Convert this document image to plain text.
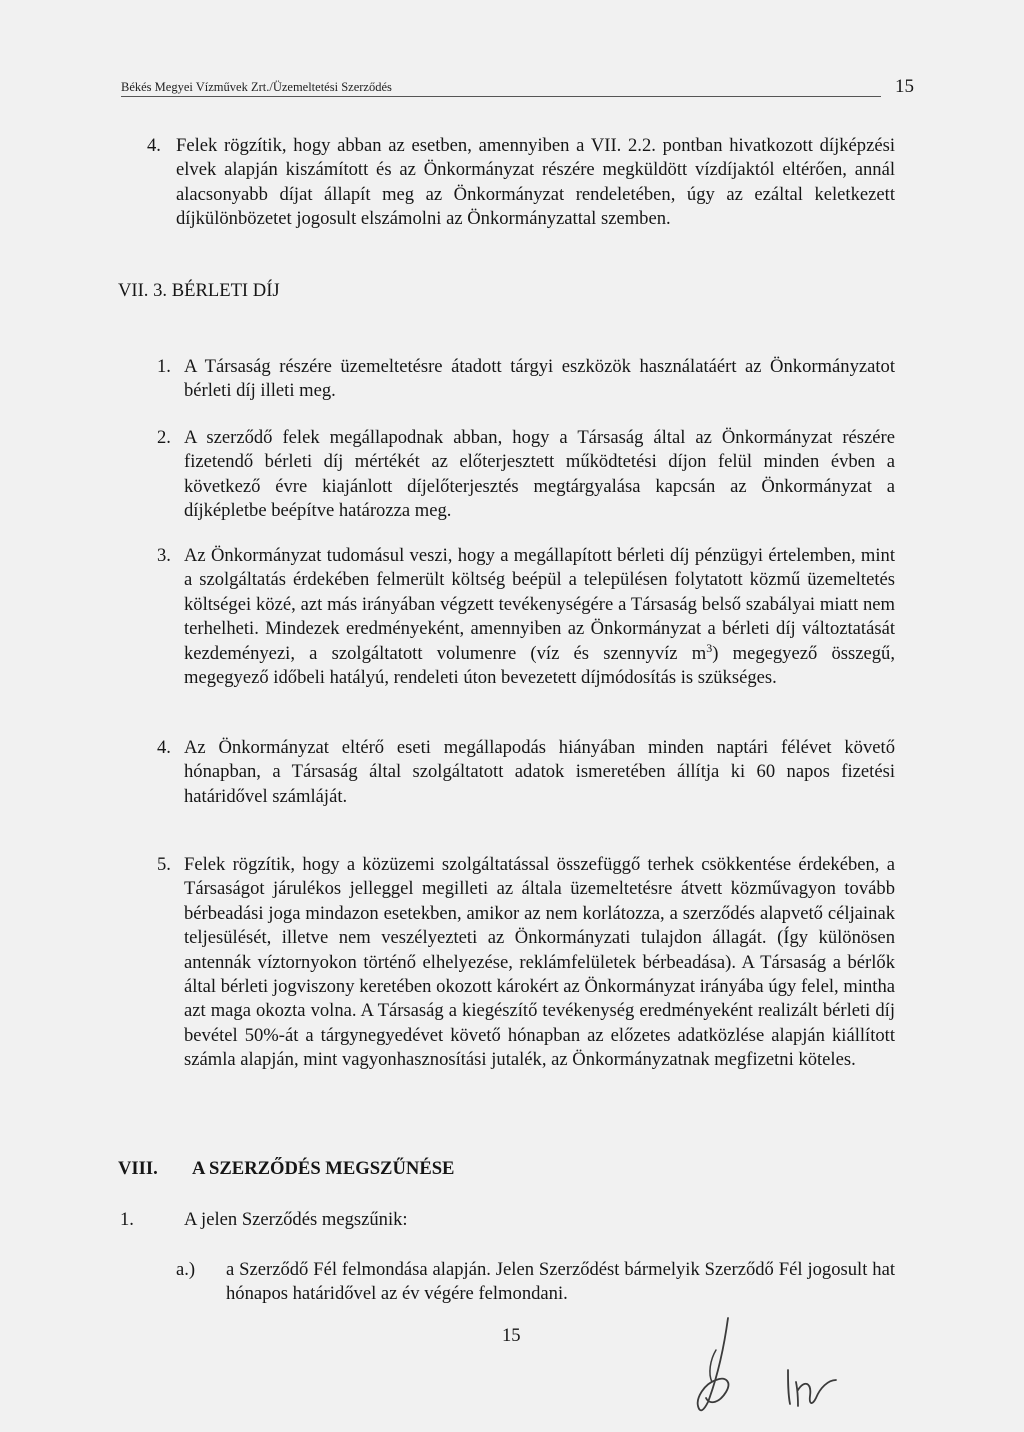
Békés Megyei Vízművek Zrt./Üzemeltetési Szerződés	15
4. Felek rögzítik, hogy abban az esetben, amennyiben a VII. 2.2. pontban hivatkozott díjképzési elvek alapján kiszámított és az Önkormányzat részére megküldött vízdíjaktól eltérően, annál alacsonyabb díjat állapít meg az Önkormányzat rendeletében, úgy az ezáltal keletkezett díjkülönbözetet jogosult elszámolni az Önkormányzattal szemben.
VII. 3. BÉRLETI DÍJ
1. A Társaság részére üzemeltetésre átadott tárgyi eszközök használatáért az Önkormányzatot bérleti díj illeti meg.
2. A szerződő felek megállapodnak abban, hogy a Társaság által az Önkormányzat részére fizetendő bérleti díj mértékét az előterjesztett működtetési díjon felül minden évben a következő évre kiajánlott díjelőterjesztés megtárgyalása kapcsán az Önkormányzat a díjképletbe beépítve határozza meg.
3. Az Önkormányzat tudomásul veszi, hogy a megállapított bérleti díj pénzügyi értelemben, mint a szolgáltatás érdekében felmerült költség beépül a településen folytatott közmű üzemeltetés költségei közé, azt más irányában végzett tevékenységére a Társaság belső szabályai miatt nem terhelheti. Mindezek eredményeként, amennyiben az Önkormányzat a bérleti díj változtatását kezdeményezi, a szolgáltatott volumenre (víz és szennyvíz $m^3$) megegyező összegű, megegyező időbeli hatályú, rendeleti úton bevezetett díjmódosítás is szükséges.
4. Az Önkormányzat eltérő eseti megállapodás hiányában minden naptári félévet követő hónapban, a Társaság által szolgáltatott adatok ismeretében állítja ki 60 napos fizetési határidővel számláját.
5. Felek rögzítik, hogy a közüzemi szolgáltatással összefüggő terhek csökkentése érdekében, a Társaságot járulékos jelleggel megilleti az általa üzemeltetésre átvett közművagyon tovább bérbeadási joga mindazon esetekben, amikor az nem korlátozza, a szerződés alapvető céljainak teljesülését, illetve nem veszélyezteti az Önkormányzati tulajdon állagát. (Így különösen antennák víztornyokon történő elhelyezése, reklámfelületek bérbeadása). A Társaság a bérlők által bérleti jogviszony keretében okozott károkért az Önkormányzat irányába úgy felel, mintha azt maga okozta volna. A Társaság a kiegészítő tevékenység eredményeként realizált bérleti díj bevétel 50%-át a tárgynegyedévet követő hónapban az előzetes adatközlése alapján kiállított számla alapján, mint vagyonhasznosítási jutalék, az Önkormányzatnak megfizetni köteles.
VIII. A SZERZŐDÉS MEGSZŰNÉSE
1.	A jelen Szerződés megszűnik:
a.) a Szerződő Fél felmondása alapján. Jelen Szerződést bármelyik Szerződő Fél jogosult hat hónapos határidővel az év végére felmondani.
15
